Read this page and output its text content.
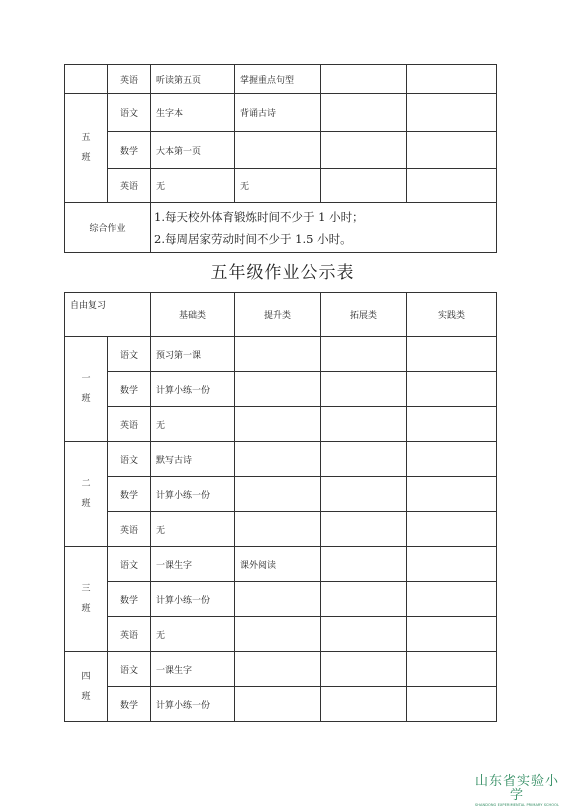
	英语	听读第五页	掌握重点句型		

五
班	语文	生字本	背诵古诗		
	数学	大本第一页			
	英语	无	无		
综合作业		1.每天校外体育锻炼时间不少于 1 小时；
2.每周居家劳动时间不少于 1.5 小时。			
五年级作业公示表
自由复习		基础类	提升类	拓展类	实践类

一
班	语文	预习第一课			
	数学	计算小练一份			
	英语	无			

二
班	语文	默写古诗			
	数学	计算小练一份			
	英语	无			

三
班	语文	一课生字	课外阅读		
	数学	计算小练一份			
	英语	无			

四
班	语文	一课生字			
	数学	计算小练一份			
山东省实验小学
SHANDONG EXPERIMENTAL PRIMARY SCHOOL
